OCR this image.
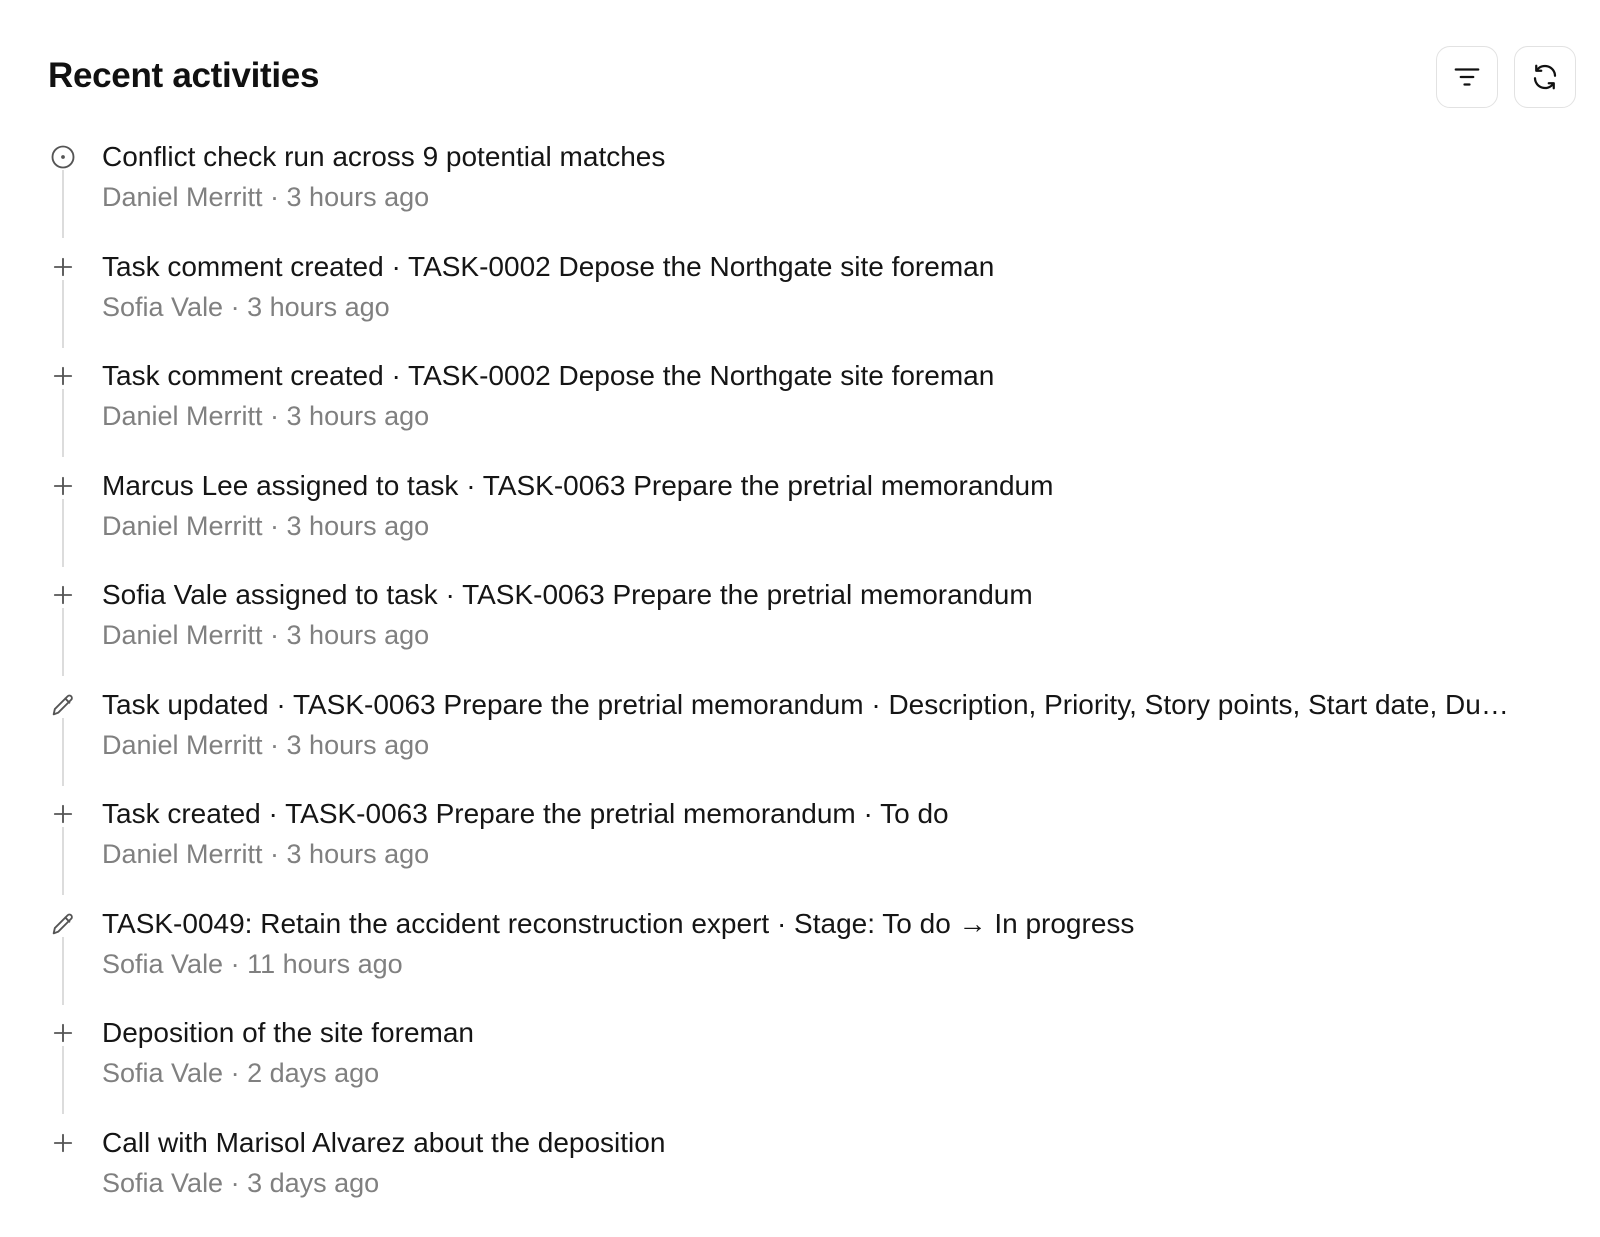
Recent activities
Conflict check run across 9 potential matches
Daniel Merritt · 3 hours ago
Task comment created · TASK-0002 Depose the Northgate site foreman
Sofia Vale · 3 hours ago
Task comment created · TASK-0002 Depose the Northgate site foreman
Daniel Merritt · 3 hours ago
Marcus Lee assigned to task · TASK-0063 Prepare the pretrial memorandum
Daniel Merritt · 3 hours ago
Sofia Vale assigned to task · TASK-0063 Prepare the pretrial memorandum
Daniel Merritt · 3 hours ago
Task updated · TASK-0063 Prepare the pretrial memorandum · Description, Priority, Story points, Start date, Du…
Daniel Merritt · 3 hours ago
Task created · TASK-0063 Prepare the pretrial memorandum · To do
Daniel Merritt · 3 hours ago
TASK-0049: Retain the accident reconstruction expert · Stage: To do → In progress
Sofia Vale · 11 hours ago
Deposition of the site foreman
Sofia Vale · 2 days ago
Call with Marisol Alvarez about the deposition
Sofia Vale · 3 days ago
